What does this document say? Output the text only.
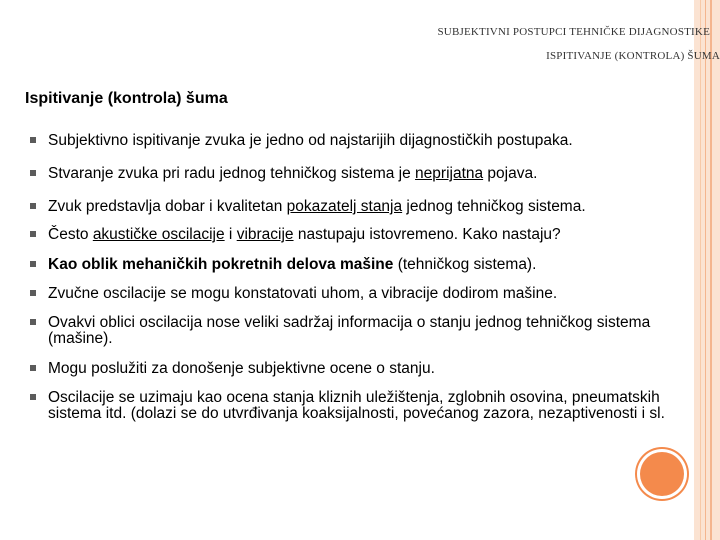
SUBJEKTIVNI POSTUPCI TEHNIČKE DIJAGNOSTIKE
ISPITIVANJE (KONTROLA) ŠUMA
Ispitivanje (kontrola) šuma
Subjektivno ispitivanje zvuka je jedno od najstarijih dijagnostičkih postupaka.
Stvaranje zvuka pri radu jednog tehničkog sistema je neprijatna pojava.
Zvuk predstavlja dobar i kvalitetan pokazatelj stanja jednog tehničkog sistema.
Često akustičke oscilacije i vibracije nastupaju istovremeno. Kako nastaju?
Kao oblik mehaničkih pokretnih delova mašine (tehničkog sistema).
Zvučne oscilacije se mogu konstatovati uhom, a vibracije dodirom mašine.
Ovakvi oblici oscilacija nose veliki sadržaj informacija o stanju jednog tehničkog sistema (mašine).
Mogu poslužiti za donošenje subjektivne ocene o stanju.
Oscilacije se uzimaju kao ocena stanja kliznih uležištenja, zglobnih osovina, pneumatskih sistema itd. (dolazi se do utvrđivanja koaksijalnosti, povećanog zazora, nezaptivenosti i sl.
